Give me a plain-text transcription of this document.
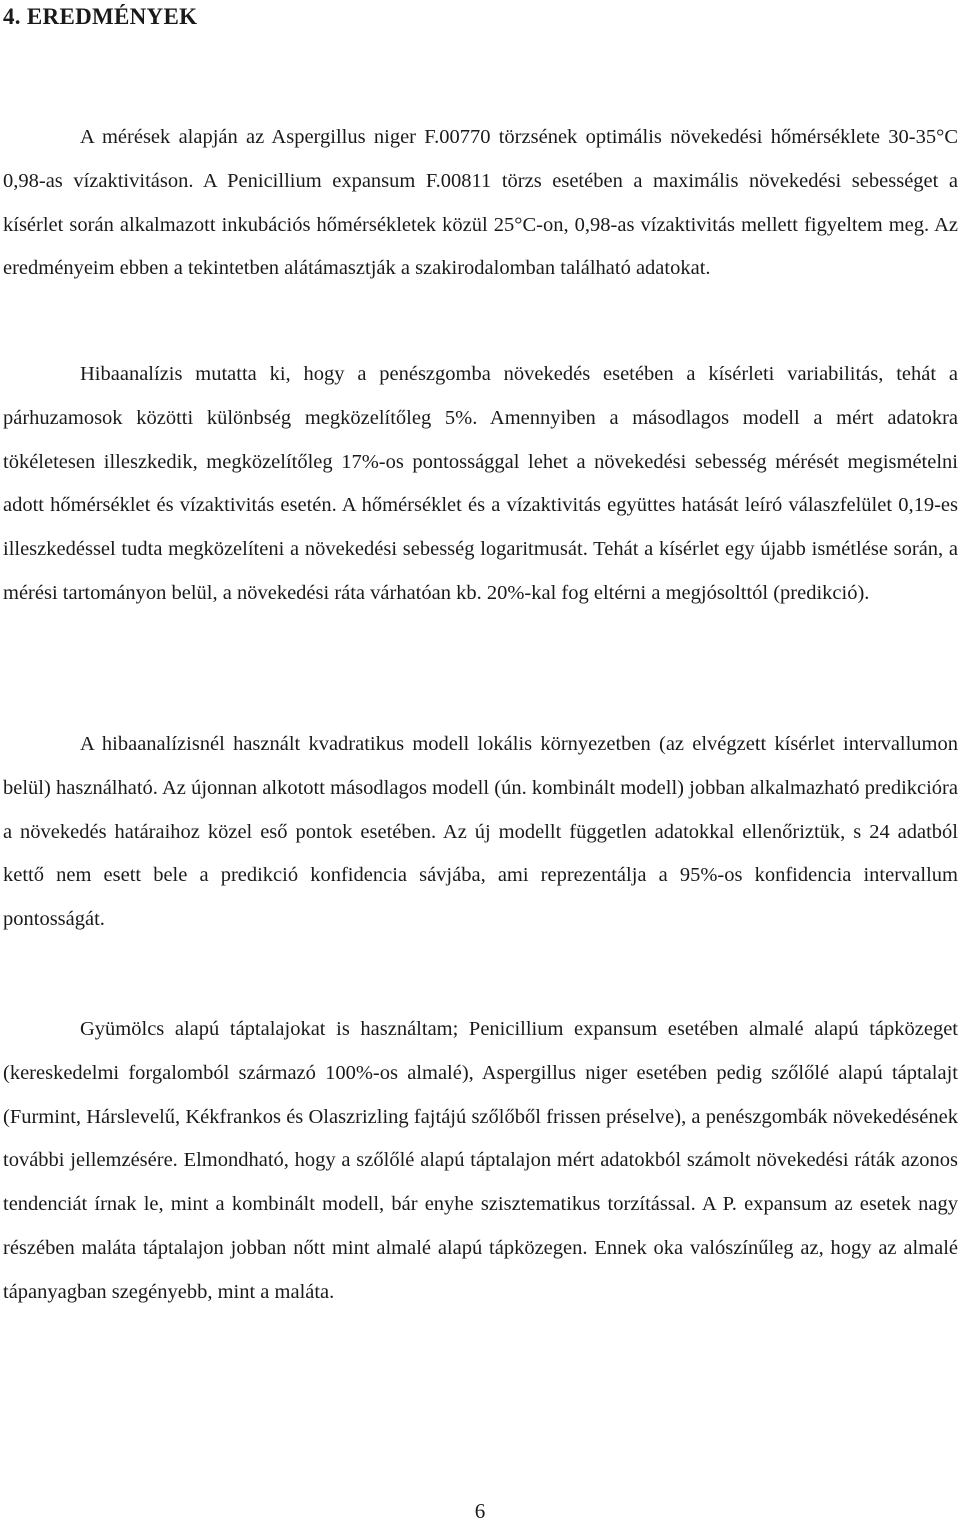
4. EREDMÉNYEK

A mérések alapján az Aspergillus niger F.00770 törzsének optimális növekedési hőmérséklete 30-35°C 0,98-as vízaktivitáson. A Penicillium expansum F.00811 törzs esetében a maximális növekedési sebességet a kísérlet során alkalmazott inkubációs hőmérsékletek közül 25°C-on, 0,98-as vízaktivitás mellett figyeltem meg. Az eredményeim ebben a tekintetben alátámasztják a szakirodalomban található adatokat.

Hibaanalízis mutatta ki, hogy a penészgomba növekedés esetében a kísérleti variabilitás, tehát a párhuzamosok közötti különbség megközelítőleg 5%. Amennyiben a másodlagos modell a mért adatokra tökéletesen illeszkedik, megközelítőleg 17%-os pontossággal lehet a növekedési sebesség mérését megismételni adott hőmérséklet és vízaktivitás esetén. A hőmérséklet és a vízaktivitás együttes hatását leíró válaszfelület 0,19-es illeszkedéssel tudta megközelíteni a növekedési sebesség logaritmusát. Tehát a kísérlet egy újabb ismétlése során, a mérési tartományon belül, a növekedési ráta várhatóan kb. 20%-kal fog eltérni a megjósolttól (predikció).

A hibaanalízisnél használt kvadratikus modell lokális környezetben (az elvégzett kísérlet intervallumon belül) használható. Az újonnan alkotott másodlagos modell (ún. kombinált modell) jobban alkalmazható predikcióra a növekedés határaihoz közel eső pontok esetében. Az új modellt független adatokkal ellenőriztük, s 24 adatból kettő nem esett bele a predikció konfidencia sávjába, ami reprezentálja a 95%-os konfidencia intervallum pontosságát.

Gyümölcs alapú táptalajokat is használtam; Penicillium expansum esetében almalé alapú tápközeget (kereskedelmi forgalomból származó 100%-os almalé), Aspergillus niger esetében pedig szőlőlé alapú táptalajt (Furmint, Hárslevelű, Kékfrankos és Olaszrizling fajtájú szőlőből frissen préselve), a penészgombák növekedésének további jellemzésére. Elmondható, hogy a szőlőlé alapú táptalajon mért adatokból számolt növekedési ráták azonos tendenciát írnak le, mint a kombinált modell, bár enyhe szisztematikus torzítással. A P. expansum az esetek nagy részében maláta táptalajon jobban nőtt mint almalé alapú tápközegen. Ennek oka valószínűleg az, hogy az almalé tápanyagban szegényebb, mint a maláta.

6
